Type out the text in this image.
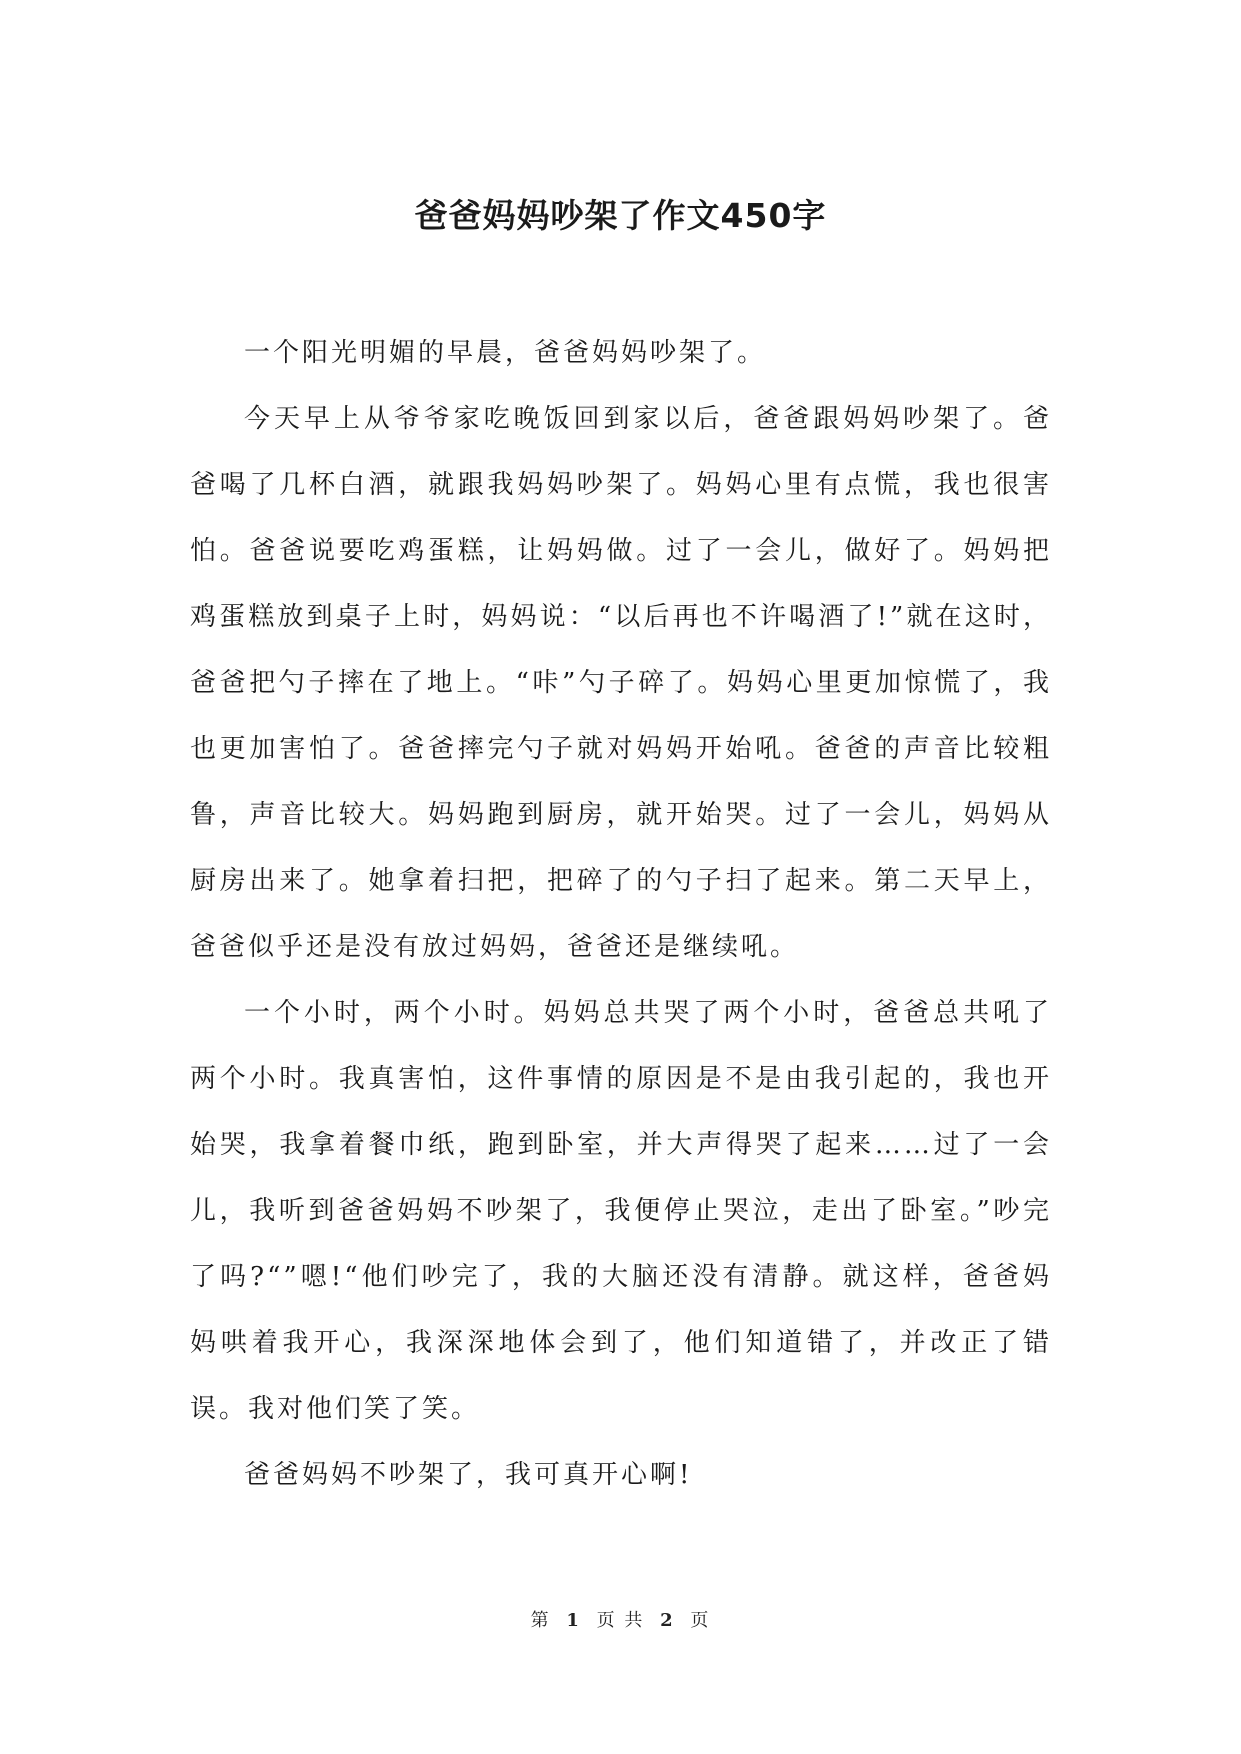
爸爸妈妈吵架了作文450字

一个阳光明媚的早晨，爸爸妈妈吵架了。

今天早上从爷爷家吃晚饭回到家以后，爸爸跟妈妈吵架了。爸爸喝了几杯白酒，就跟我妈妈吵架了。妈妈心里有点慌，我也很害怕。爸爸说要吃鸡蛋糕，让妈妈做。过了一会儿，做好了。妈妈把鸡蛋糕放到桌子上时，妈妈说：“以后再也不许喝酒了!”就在这时，爸爸把勺子摔在了地上。“咔”勺子碎了。妈妈心里更加惊慌了，我也更加害怕了。爸爸摔完勺子就对妈妈开始吼。爸爸的声音比较粗鲁，声音比较大。妈妈跑到厨房，就开始哭。过了一会儿，妈妈从厨房出来了。她拿着扫把，把碎了的勺子扫了起来。第二天早上，爸爸似乎还是没有放过妈妈，爸爸还是继续吼。

一个小时，两个小时。妈妈总共哭了两个小时，爸爸总共吼了两个小时。我真害怕，这件事情的原因是不是由我引起的，我也开始哭，我拿着餐巾纸，跑到卧室，并大声得哭了起来……过了一会儿，我听到爸爸妈妈不吵架了，我便停止哭泣，走出了卧室。”吵完了吗?“”嗯!“他们吵完了，我的大脑还没有清静。就这样，爸爸妈妈哄着我开心，我深深地体会到了，他们知道错了，并改正了错误。我对他们笑了笑。

爸爸妈妈不吵架了，我可真开心啊!

第 1 页 共 2 页
